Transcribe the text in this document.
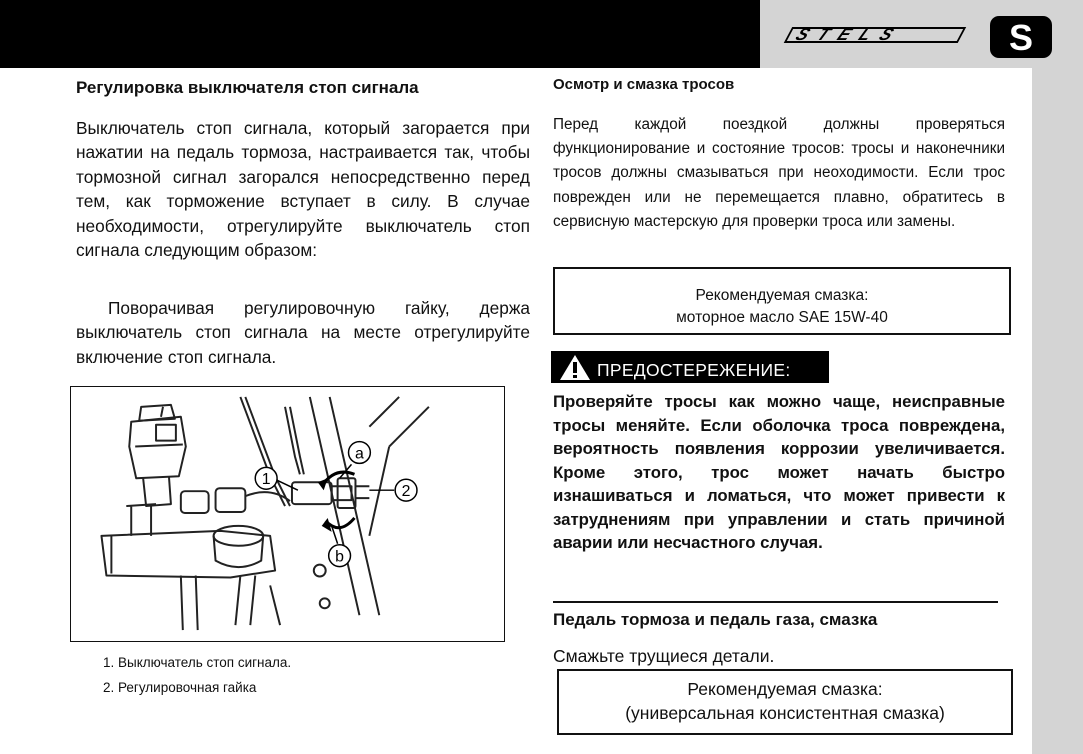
STELS	S
Регулировка выключателя стоп сигнала
Выключатель стоп сигнала, который загорается при нажатии на педаль тормоза, настраивается так, чтобы тормозной сигнал загорался непосредственно перед тем, как торможение вступает в силу. В случае необходимости, отрегулируйте выключатель стоп сигнала следующим образом:
Поворачивая регулировочную гайку, держа выключатель стоп сигнала на месте отрегулируйте включение стоп сигнала.
1
2
a
b
1. Выключатель стоп сигнала.
2. Регулировочная гайка
Осмотр и смазка тросов
Перед каждой поездкой должны проверяться функционирование и состояние тросов: тросы и наконечники тросов должны смазываться при неоходимости. Если трос поврежден или не перемещается плавно, обратитесь в сервисную мастерскую для проверки троса или замены.
Рекомендуемая смазка:
моторное масло SAE 15W-40
ПРЕДОСТЕРЕЖЕНИЕ:
Проверяйте тросы как можно чаще, неисправные тросы меняйте. Если оболочка троса повреждена, вероятность появления коррозии увеличивается. Кроме этого, трос может начать быстро изнашиваться и ломаться, что может привести к затруднениям при управлении и стать причиной аварии или несчастного случая.
Педаль тормоза и педаль газа, смазка
Смажьте трущиеся детали.
Рекомендуемая смазка:
(универсальная консистентная смазка)
